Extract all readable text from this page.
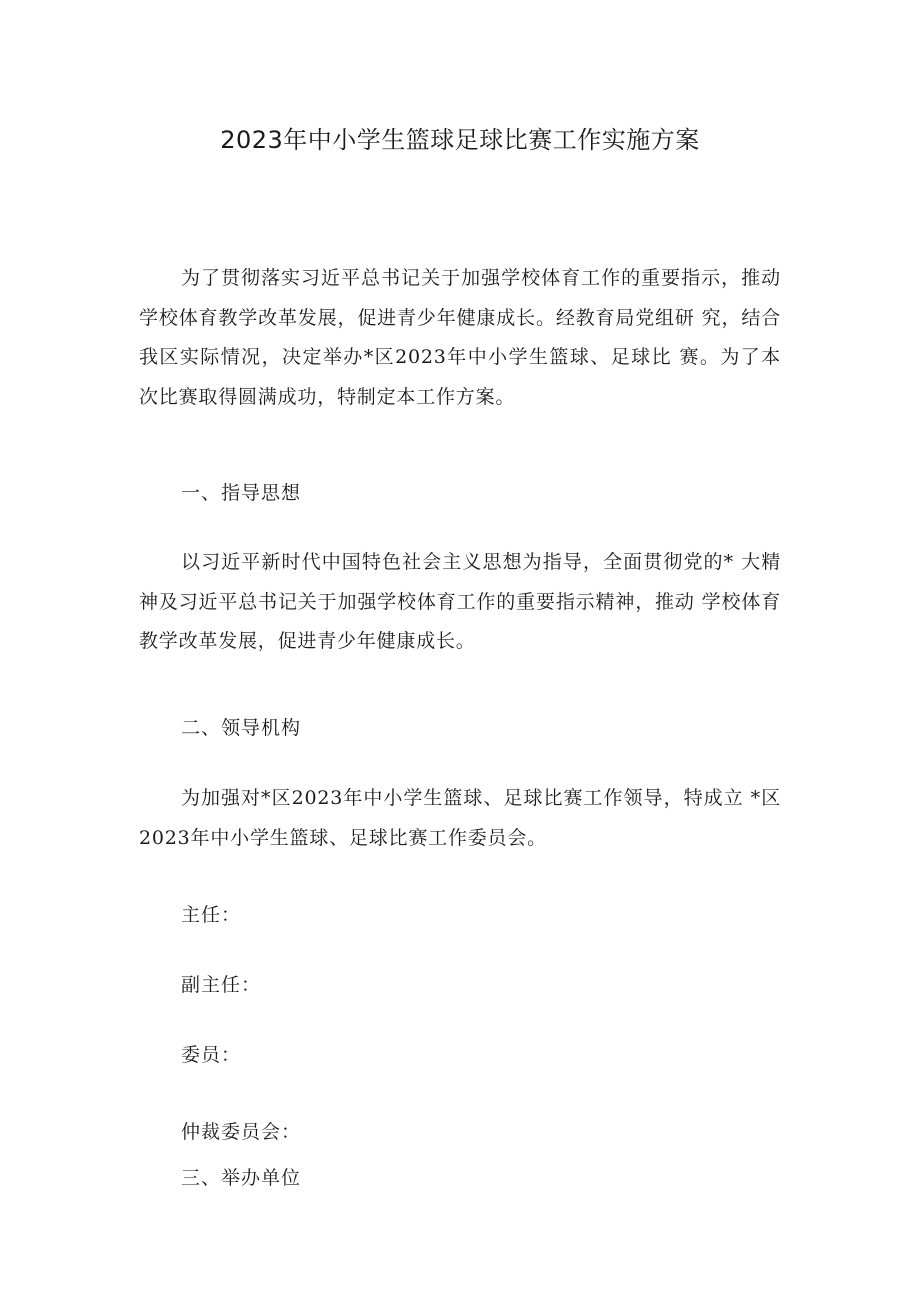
2023年中小学生篮球足球比赛工作实施方案

为了贯彻落实习近平总书记关于加强学校体育工作的重要指示，推动学校体育教学改革发展，促进青少年健康成长。经教育局党组研 究，结合我区实际情况，决定举办*区2023年中小学生篮球、足球比 赛。为了本次比赛取得圆满成功，特制定本工作方案。

一、指导思想

以习近平新时代中国特色社会主义思想为指导，全面贯彻党的* 大精神及习近平总书记关于加强学校体育工作的重要指示精神，推动 学校体育教学改革发展，促进青少年健康成长。

二、领导机构

为加强对*区2023年中小学生篮球、足球比赛工作领导，特成立 *区2023年中小学生篮球、足球比赛工作委员会。

主任：

副主任：

委员：

仲裁委员会：

三、举办单位
